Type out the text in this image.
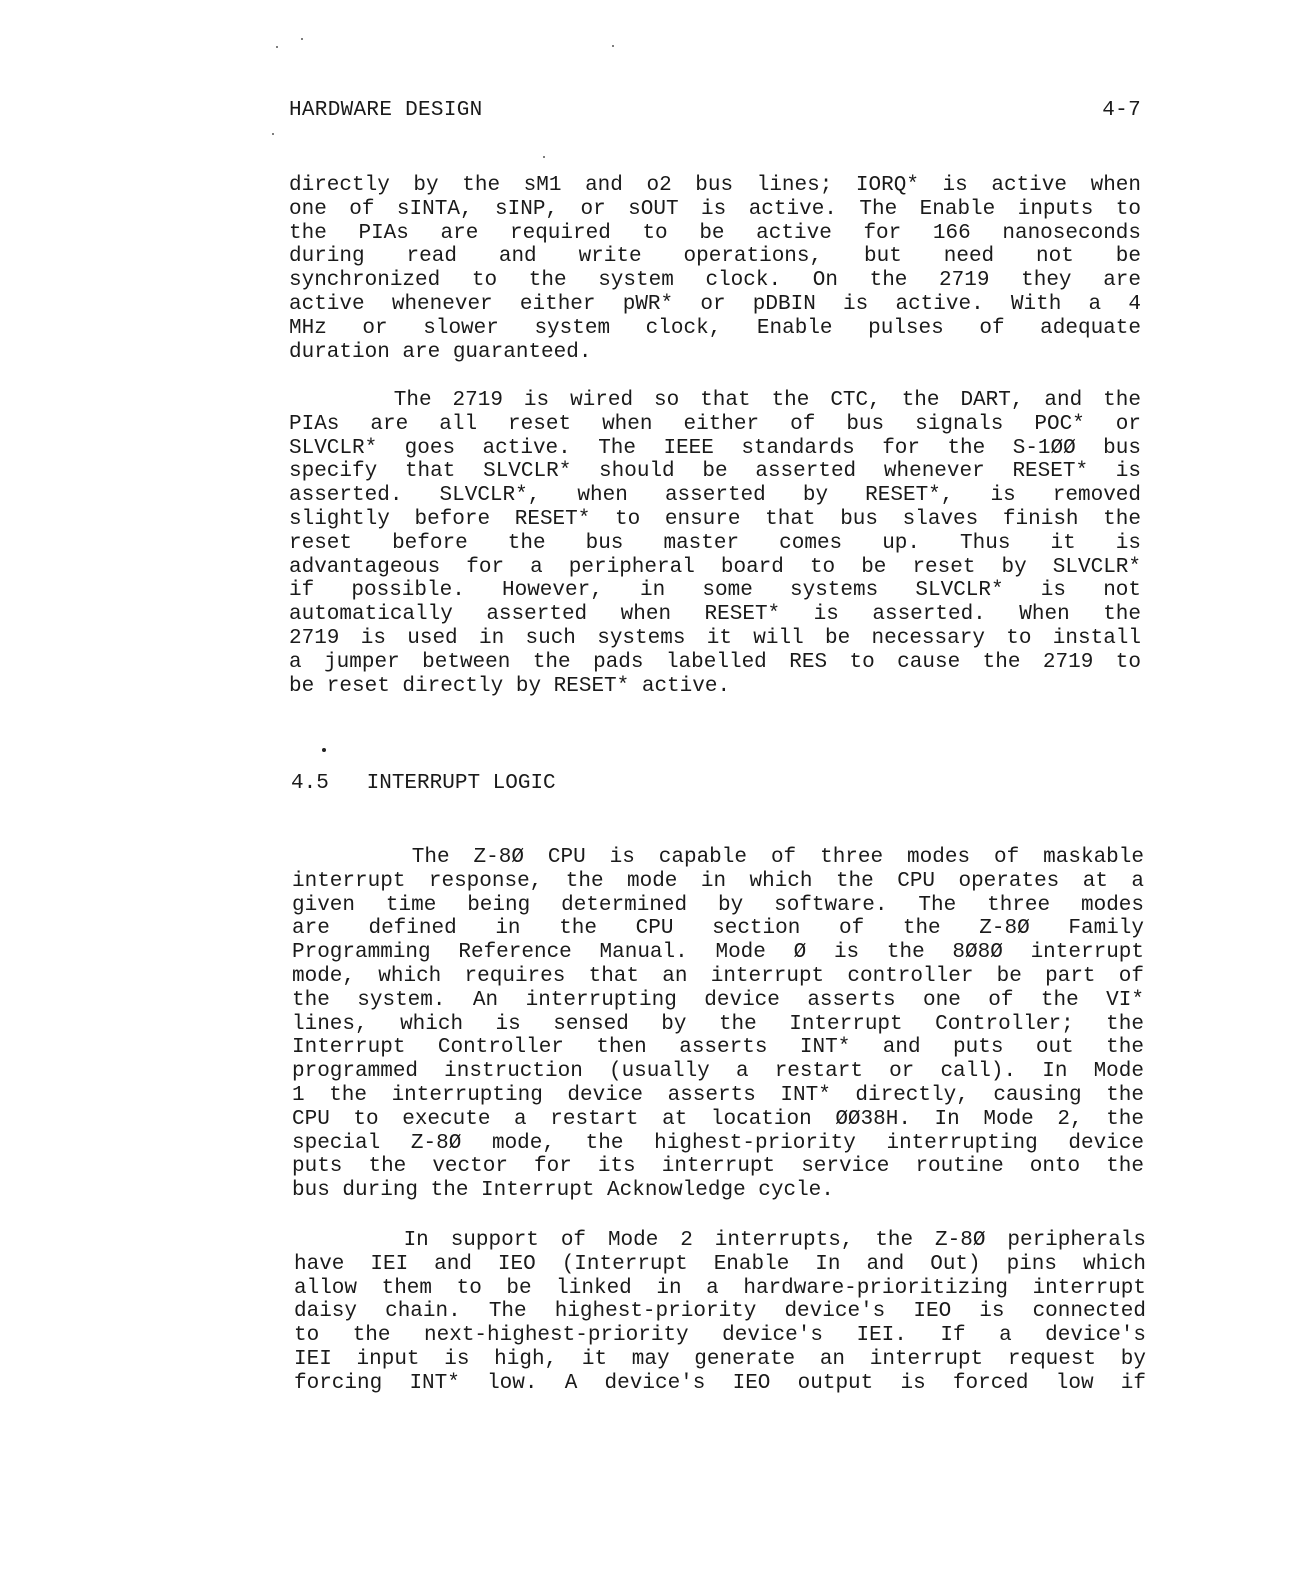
HARDWARE DESIGN	4-7
directly by the sM1 and o2 bus lines; IORQ* is active when
one of sINTA, sINP, or sOUT is active. The Enable inputs to
the PIAs are required to be active for 166 nanoseconds
during read and write operations, but need not be
synchronized to the system clock. On the 2719 they are
active whenever either pWR* or pDBIN is active. With a 4
MHz or slower system clock, Enable pulses of adequate
duration are guaranteed.
The 2719 is wired so that the CTC, the DART, and the
PIAs are all reset when either of bus signals POC* or
SLVCLR* goes active. The IEEE standards for the S-1ØØ bus
specify that SLVCLR* should be asserted whenever RESET* is
asserted. SLVCLR*, when asserted by RESET*, is removed
slightly before RESET* to ensure that bus slaves finish the
reset before the bus master comes up. Thus it is
advantageous for a peripheral board to be reset by SLVCLR*
if possible. However, in some systems SLVCLR* is not
automatically asserted when RESET* is asserted. When the
2719 is used in such systems it will be necessary to install
a jumper between the pads labelled RES to cause the 2719 to
be reset directly by RESET* active.
4.5 INTERRUPT LOGIC
The Z-8Ø CPU is capable of three modes of maskable
interrupt response, the mode in which the CPU operates at a
given time being determined by software. The three modes
are defined in the CPU section of the Z-8Ø Family
Programming Reference Manual. Mode Ø is the 8Ø8Ø interrupt
mode, which requires that an interrupt controller be part of
the system. An interrupting device asserts one of the VI*
lines, which is sensed by the Interrupt Controller; the
Interrupt Controller then asserts INT* and puts out the
programmed instruction (usually a restart or call). In Mode
1 the interrupting device asserts INT* directly, causing the
CPU to execute a restart at location ØØ38H. In Mode 2, the
special Z-8Ø mode, the highest-priority interrupting device
puts the vector for its interrupt service routine onto the
bus during the Interrupt Acknowledge cycle.
In support of Mode 2 interrupts, the Z-8Ø peripherals
have IEI and IEO (Interrupt Enable In and Out) pins which
allow them to be linked in a hardware-prioritizing interrupt
daisy chain. The highest-priority device's IEO is connected
to the next-highest-priority device's IEI. If a device's
IEI input is high, it may generate an interrupt request by
forcing INT* low. A device's IEO output is forced low if
